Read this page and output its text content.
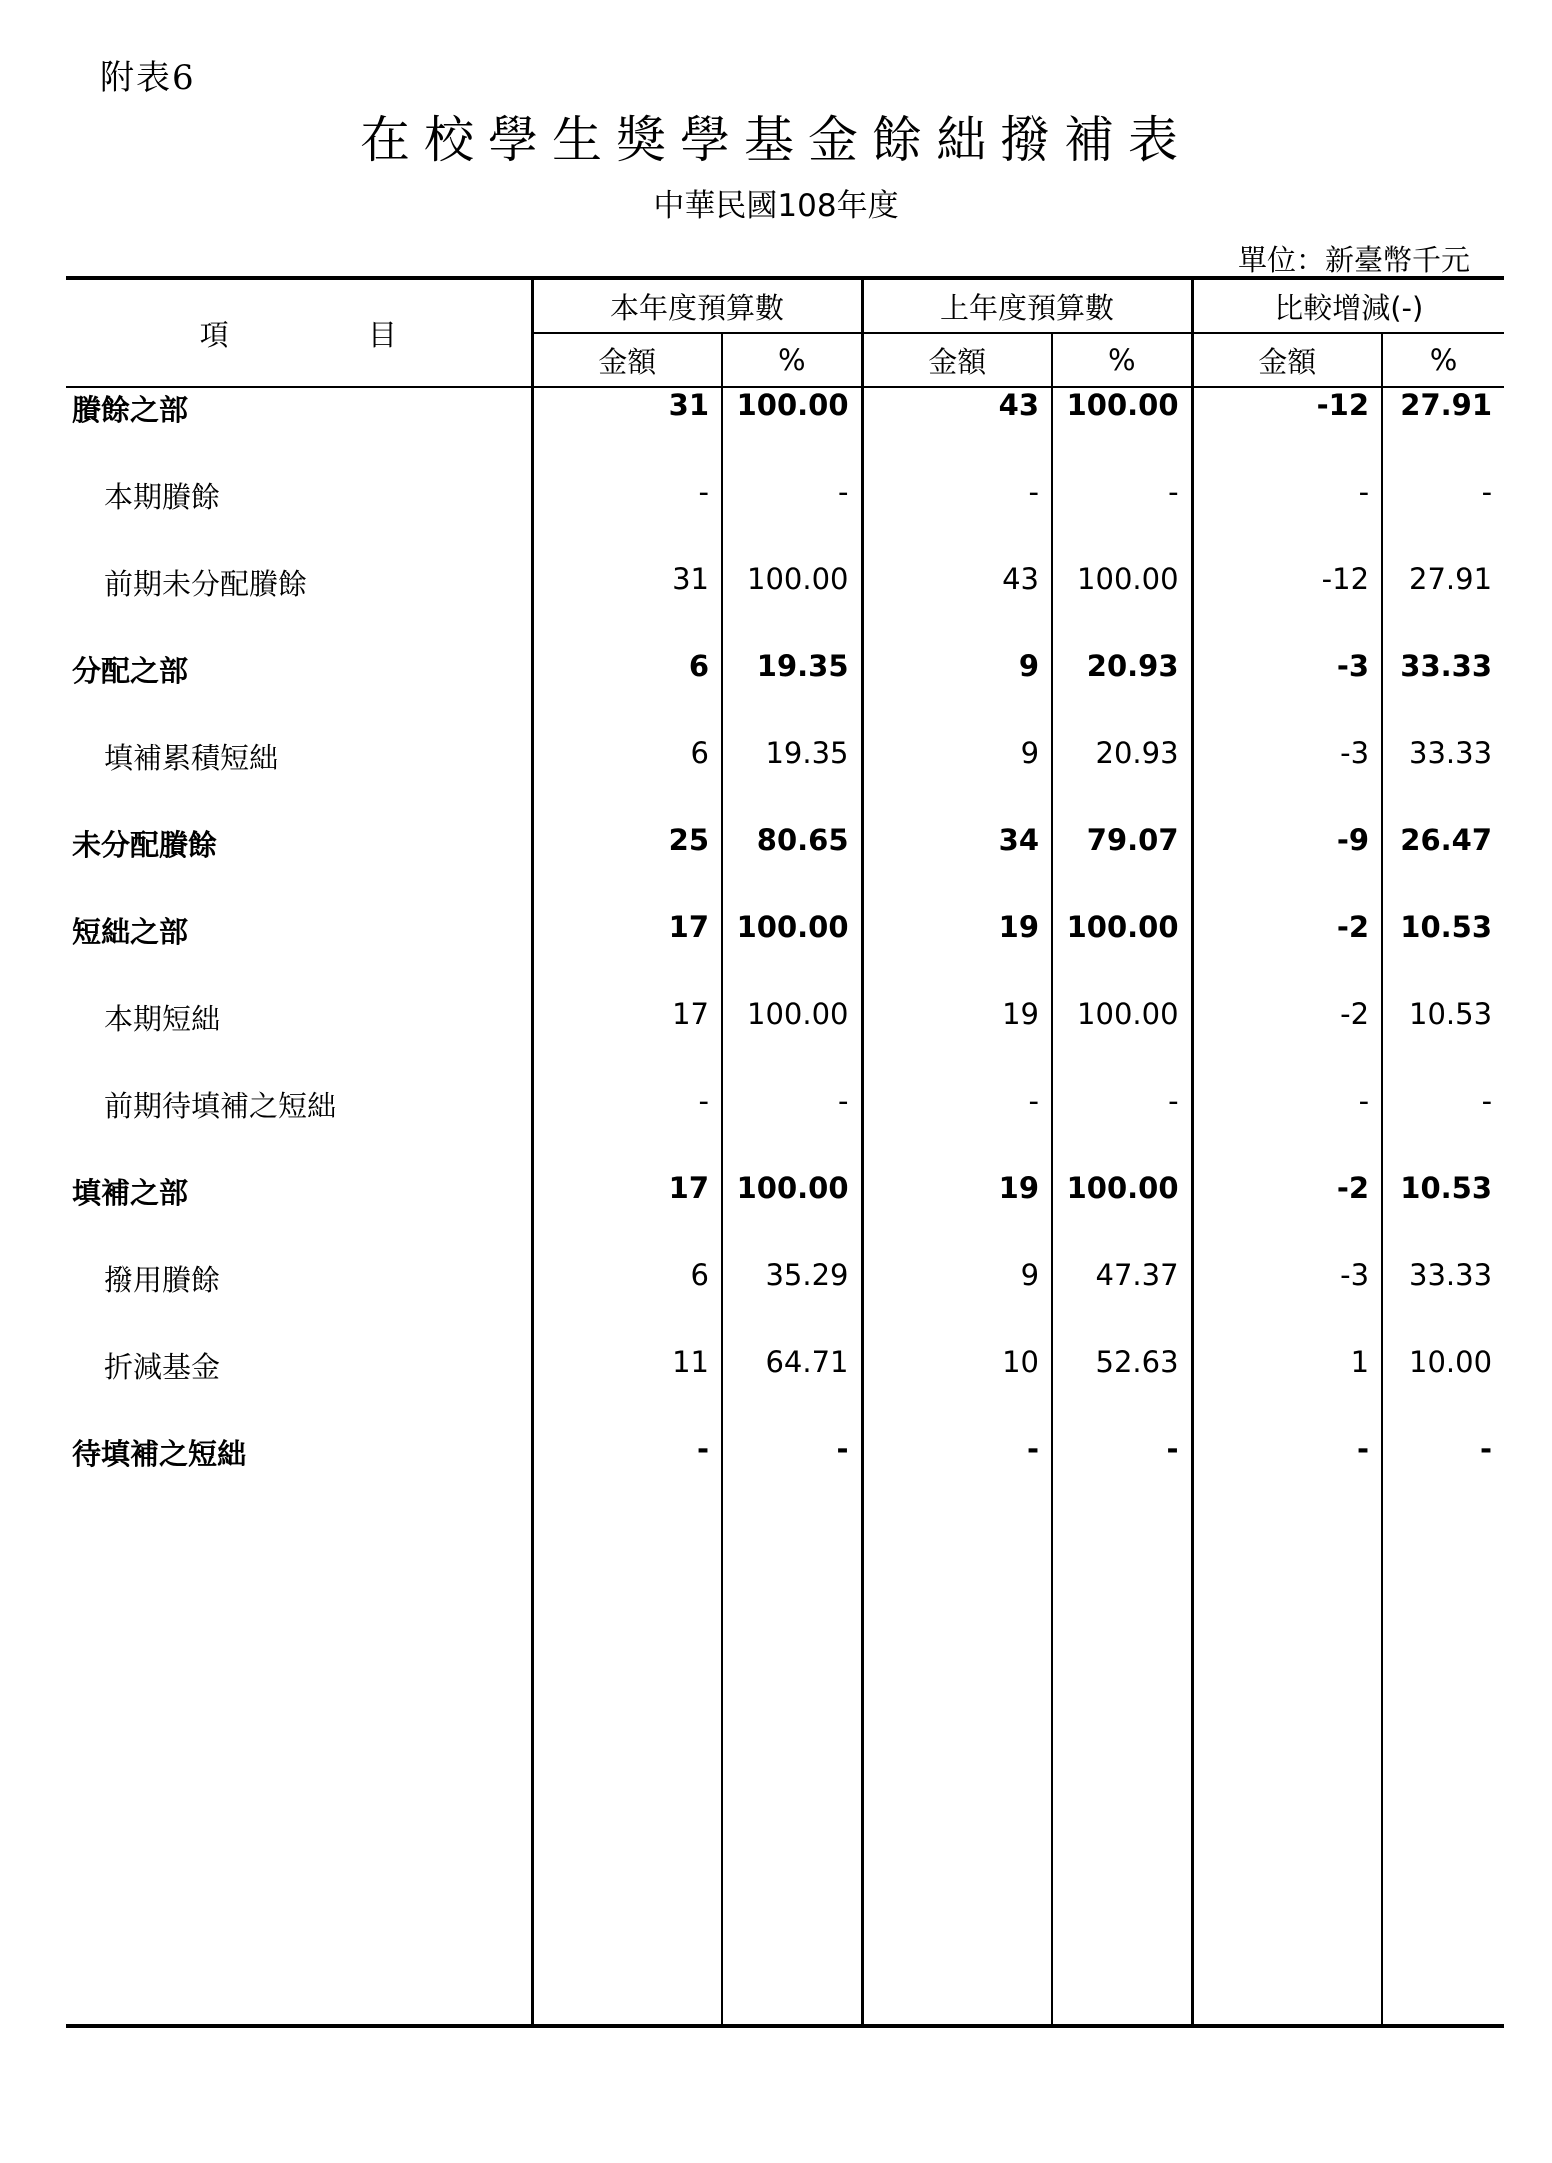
附表6
在校學生獎學基金餘絀撥補表
中華民國108年度
單位：新臺幣千元
項 目	本年度預算數		上年度預算數		比較增減(-)	
	金額	%	金額	%	金額	%
賸餘之部	31	100.00	43	100.00	-12	27.91
本期賸餘	-	-	-	-	-	-
前期未分配賸餘	31	100.00	43	100.00	-12	27.91
分配之部	6	19.35	9	20.93	-3	33.33
填補累積短絀	6	19.35	9	20.93	-3	33.33
未分配賸餘	25	80.65	34	79.07	-9	26.47
短絀之部	17	100.00	19	100.00	-2	10.53
本期短絀	17	100.00	19	100.00	-2	10.53
前期待填補之短絀	-	-	-	-	-	-
填補之部	17	100.00	19	100.00	-2	10.53
撥用賸餘	6	35.29	9	47.37	-3	33.33
折減基金	11	64.71	10	52.63	1	10.00
待填補之短絀	-	-	-	-	-	-
